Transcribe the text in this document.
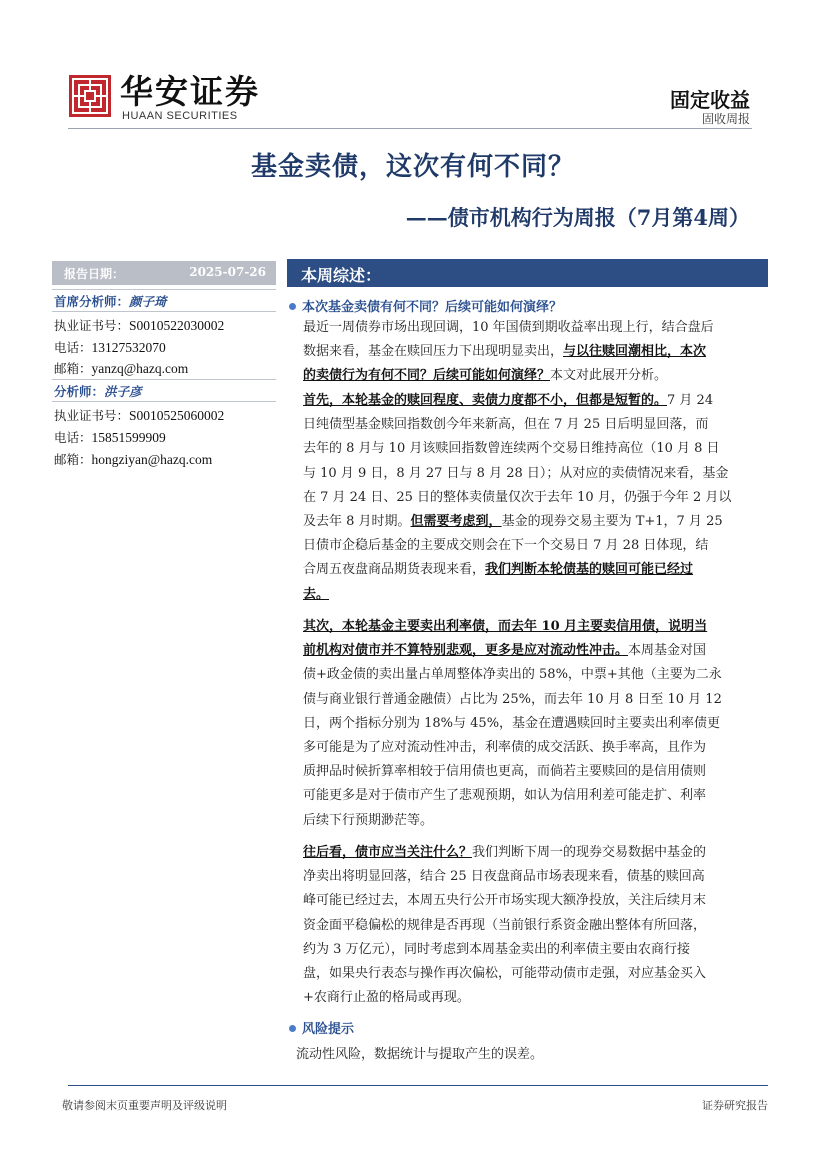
华安证券
HUAAN SECURITIES
固定收益
固收周报
基金卖债，这次有何不同？
——债市机构行为周报（7月第4周）
报告日期：	2025-07-26
首席分析师：颜子琦
执业证书号：S0010522030002
电话：13127532070
邮箱：yanzq@hazq.com
分析师：洪子彦
执业证书号：S0010525060002
电话：15851599909
邮箱：hongziyan@hazq.com
本周综述：
本次基金卖债有何不同？后续可能如何演绎？
最近一周债券市场出现回调，10 年国债到期收益率出现上行，结合盘后
数据来看，基金在赎回压力下出现明显卖出，与以往赎回潮相比，本次
的卖债行为有何不同？后续可能如何演绎？本文对此展开分析。
首先，本轮基金的赎回程度、卖债力度都不小，但都是短暂的。7 月 24
日纯债型基金赎回指数创今年来新高，但在 7 月 25 日后明显回落，而
去年的 8 月与 10 月该赎回指数曾连续两个交易日维持高位（10 月 8 日
与 10 月 9 日，8 月 27 日与 8 月 28 日）；从对应的卖债情况来看，基金
在 7 月 24 日、25 日的整体卖债量仅次于去年 10 月，仍强于今年 2 月以
及去年 8 月时期。但需要考虑到，基金的现券交易主要为 T+1，7 月 25
日债市企稳后基金的主要成交则会在下一个交易日 7 月 28 日体现，结
合周五夜盘商品期货表现来看，我们判断本轮债基的赎回可能已经过
去。
其次，本轮基金主要卖出利率债，而去年 10 月主要卖信用债，说明当
前机构对债市并不算特别悲观，更多是应对流动性冲击。本周基金对国
债+政金债的卖出量占单周整体净卖出的 58%，中票+其他（主要为二永
债与商业银行普通金融债）占比为 25%，而去年 10 月 8 日至 10 月 12
日，两个指标分别为 18%与 45%，基金在遭遇赎回时主要卖出利率债更
多可能是为了应对流动性冲击，利率债的成交活跃、换手率高，且作为
质押品时候折算率相较于信用债也更高，而倘若主要赎回的是信用债则
可能更多是对于债市产生了悲观预期，如认为信用利差可能走扩、利率
后续下行预期渺茫等。
往后看，债市应当关注什么？我们判断下周一的现券交易数据中基金的
净卖出将明显回落，结合 25 日夜盘商品市场表现来看，债基的赎回高
峰可能已经过去，本周五央行公开市场实现大额净投放，关注后续月末
资金面平稳偏松的规律是否再现（当前银行系资金融出整体有所回落，
约为 3 万亿元），同时考虑到本周基金卖出的利率债主要由农商行接
盘，如果央行表态与操作再次偏松，可能带动债市走强，对应基金买入
+农商行止盈的格局或再现。
风险提示
流动性风险，数据统计与提取产生的误差。
敬请参阅末页重要声明及评级说明	证券研究报告
